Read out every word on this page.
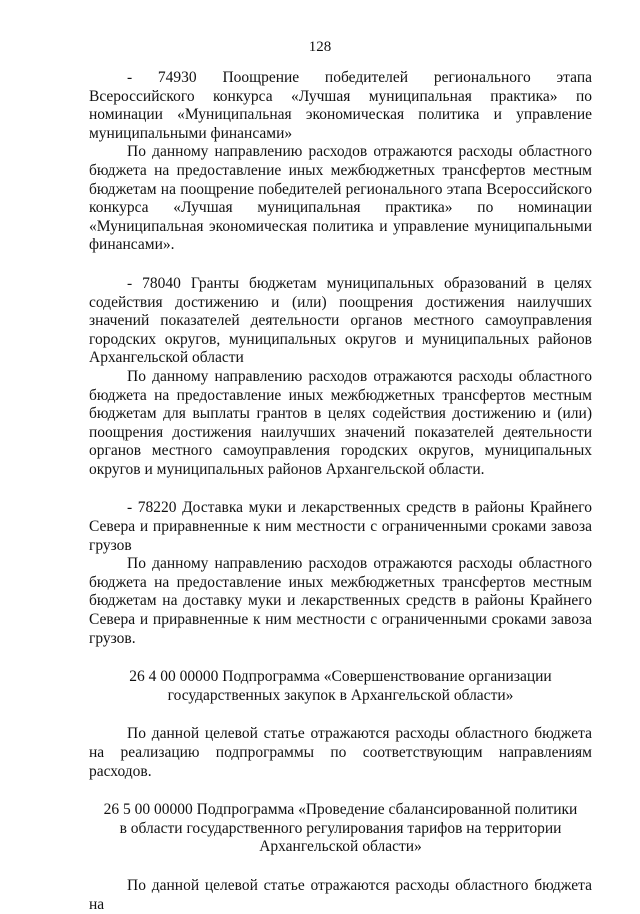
128

- 74930 Поощрение победителей регионального этапа Всероссийского конкурса «Лучшая муниципальная практика» по номинации «Муниципальная экономическая политика и управление муниципальными финансами»

По данному направлению расходов отражаются расходы областного бюджета на предоставление иных межбюджетных трансфертов местным бюджетам на поощрение победителей регионального этапа Всероссийского конкурса «Лучшая муниципальная практика» по номинации «Муниципальная экономическая политика и управление муниципальными финансами».

- 78040 Гранты бюджетам муниципальных образований в целях содействия достижению и (или) поощрения достижения наилучших значений показателей деятельности органов местного самоуправления городских округов, муниципальных округов и муниципальных районов Архангельской области

По данному направлению расходов отражаются расходы областного бюджета на предоставление иных межбюджетных трансфертов местным бюджетам для выплаты грантов в целях содействия достижению и (или) поощрения достижения наилучших значений показателей деятельности органов местного самоуправления городских округов, муниципальных округов и муниципальных районов Архангельской области.

- 78220 Доставка муки и лекарственных средств в районы Крайнего Севера и приравненные к ним местности с ограниченными сроками завоза грузов

По данному направлению расходов отражаются расходы областного бюджета на предоставление иных межбюджетных трансфертов местным бюджетам на доставку муки и лекарственных средств в районы Крайнего Севера и приравненные к ним местности с ограниченными сроками завоза грузов.

26 4 00 00000 Подпрограмма «Совершенствование организации
государственных закупок в Архангельской области»

По данной целевой статье отражаются расходы областного бюджета на реализацию подпрограммы по соответствующим направлениям расходов.

26 5 00 00000 Подпрограмма «Проведение сбалансированной политики
в области государственного регулирования тарифов на территории
Архангельской области»

По данной целевой статье отражаются расходы областного бюджета на
